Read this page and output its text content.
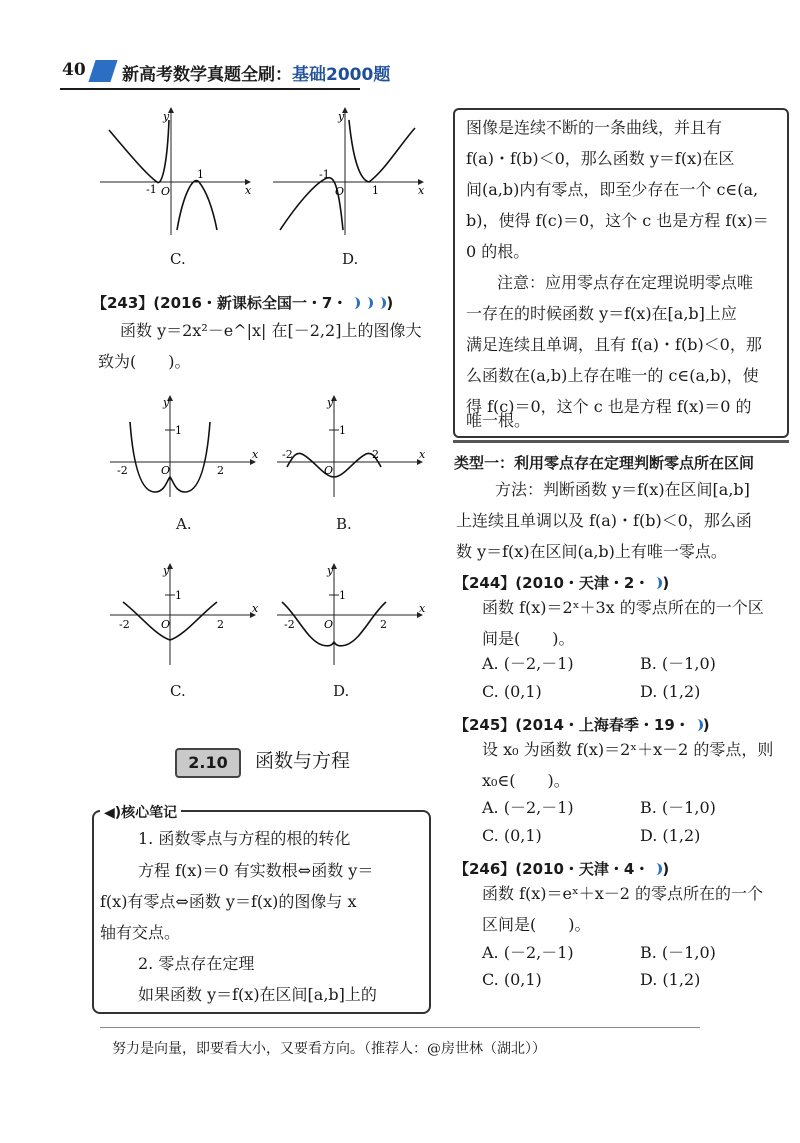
40 新高考数学真题全刷：基础2000题
y
x
O
-1
1
y
x
O
-1
1
C.	D.
【243】(2016・新课标全国一・7・	)
函数 y＝2x²－e^|x| 在[－2,2]上的图像大
致为(　　)。
y
x
O
1
-2	2
y
x
O
1
-2	2
A.	B.
y
x
O
1
-2	2
y
x
O
1
-2	2
C.	D.
2.10	函数与方程
◀)核心笔记
1. 函数零点与方程的根的转化
方程 f(x)＝0 有实数根⇔函数 y＝
f(x)有零点⇔函数 y＝f(x)的图像与 x
轴有交点。
2. 零点存在定理
如果函数 y＝f(x)在区间[a,b]上的
图像是连续不断的一条曲线，并且有
f(a)・f(b)＜0，那么函数 y＝f(x)在区
间(a,b)内有零点，即至少存在一个 c∈(a,
b)，使得 f(c)＝0，这个 c 也是方程 f(x)＝
0 的根。
注意：应用零点存在定理说明零点唯
一存在的时候函数 y＝f(x)在[a,b]上应
满足连续且单调，且有 f(a)・f(b)＜0，那
么函数在(a,b)上存在唯一的 c∈(a,b)，使
得 f(c)＝0，这个 c 也是方程 f(x)＝0 的
唯一根。
类型一：利用零点存在定理判断零点所在区间
方法：判断函数 y＝f(x)在区间[a,b]
上连续且单调以及 f(a)・f(b)＜0，那么函
数 y＝f(x)在区间(a,b)上有唯一零点。
【244】(2010・天津・2・ )
函数 f(x)＝2ˣ＋3x 的零点所在的一个区
间是(　　)。
A. (－2,－1)	B. (－1,0)
C. (0,1)	D. (1,2)
【245】(2014・上海春季・19・ )
设 x₀ 为函数 f(x)＝2ˣ＋x－2 的零点，则
x₀∈(　　)。
A. (－2,－1)	B. (－1,0)
C. (0,1)	D. (1,2)
【246】(2010・天津・4・ )
函数 f(x)＝eˣ＋x－2 的零点所在的一个
区间是(　　)。
A. (－2,－1)	B. (－1,0)
C. (0,1)	D. (1,2)
努力是向量，即要看大小，又要看方向。（推荐人：@房世林（湖北））
